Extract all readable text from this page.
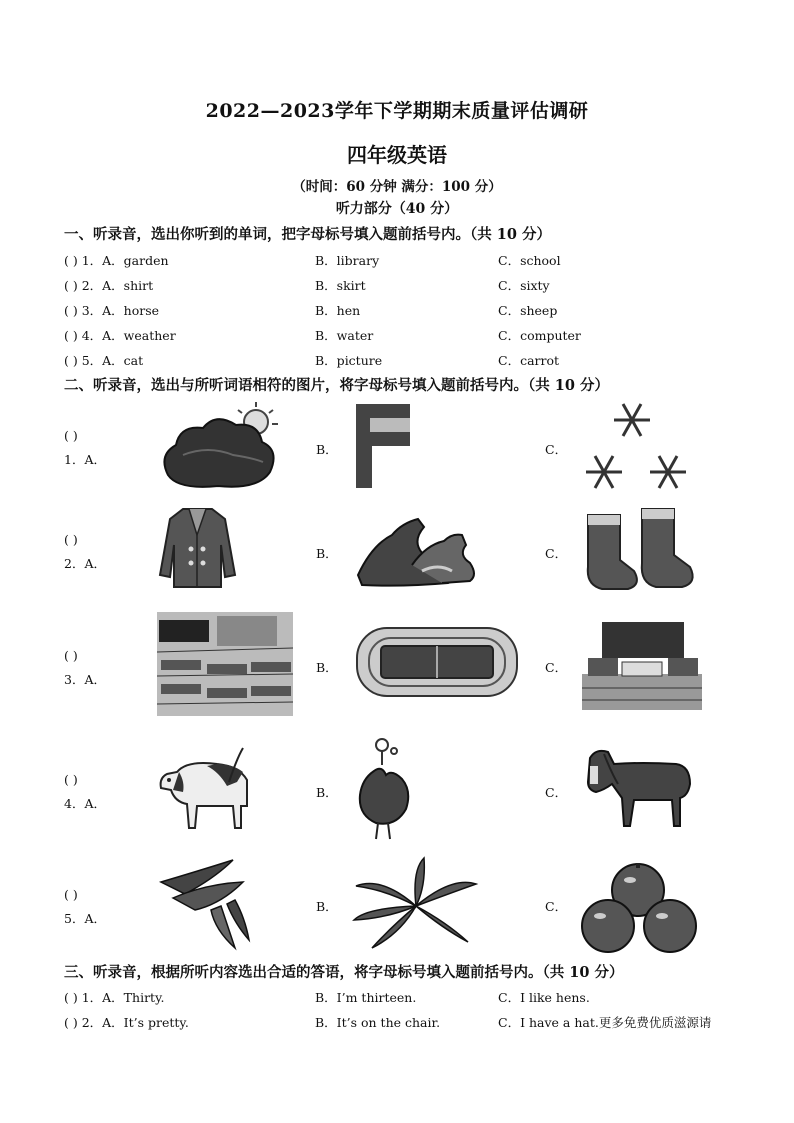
2022—2023学年下学期期末质量评估调研
四年级英语
（时间：60 分钟 满分：100 分）
听力部分（40 分）
一、听录音，选出你听到的单词，把字母标号填入题前括号内。（共 10 分）
( ) 1．A．garden	B．library	C．school
( ) 2．A．shirt	B．skirt	C．sixty
( ) 3．A．horse	B．hen	C．sheep
( ) 4．A．weather	B．water	C．computer
( ) 5．A．cat	B．picture	C．carrot
二、听录音，选出与所听词语相符的图片，将字母标号填入题前括号内。（共 10 分）
( )
1．A．
B．	C．
( )
2．A．
B．	C．
( )
3．A．
B．	C．
( )
4．A．
B．	C．
( )
5．A．
B．	C．
三、听录音，根据所听内容选出合适的答语，将字母标号填入题前括号内。（共 10 分）
( ) 1．A．Thirty.	B．I’m thirteen.	C．I like hens.
( ) 2．A．It’s pretty.	B．It’s on the chair.	C．I have a hat.更多免费优质滋源请
